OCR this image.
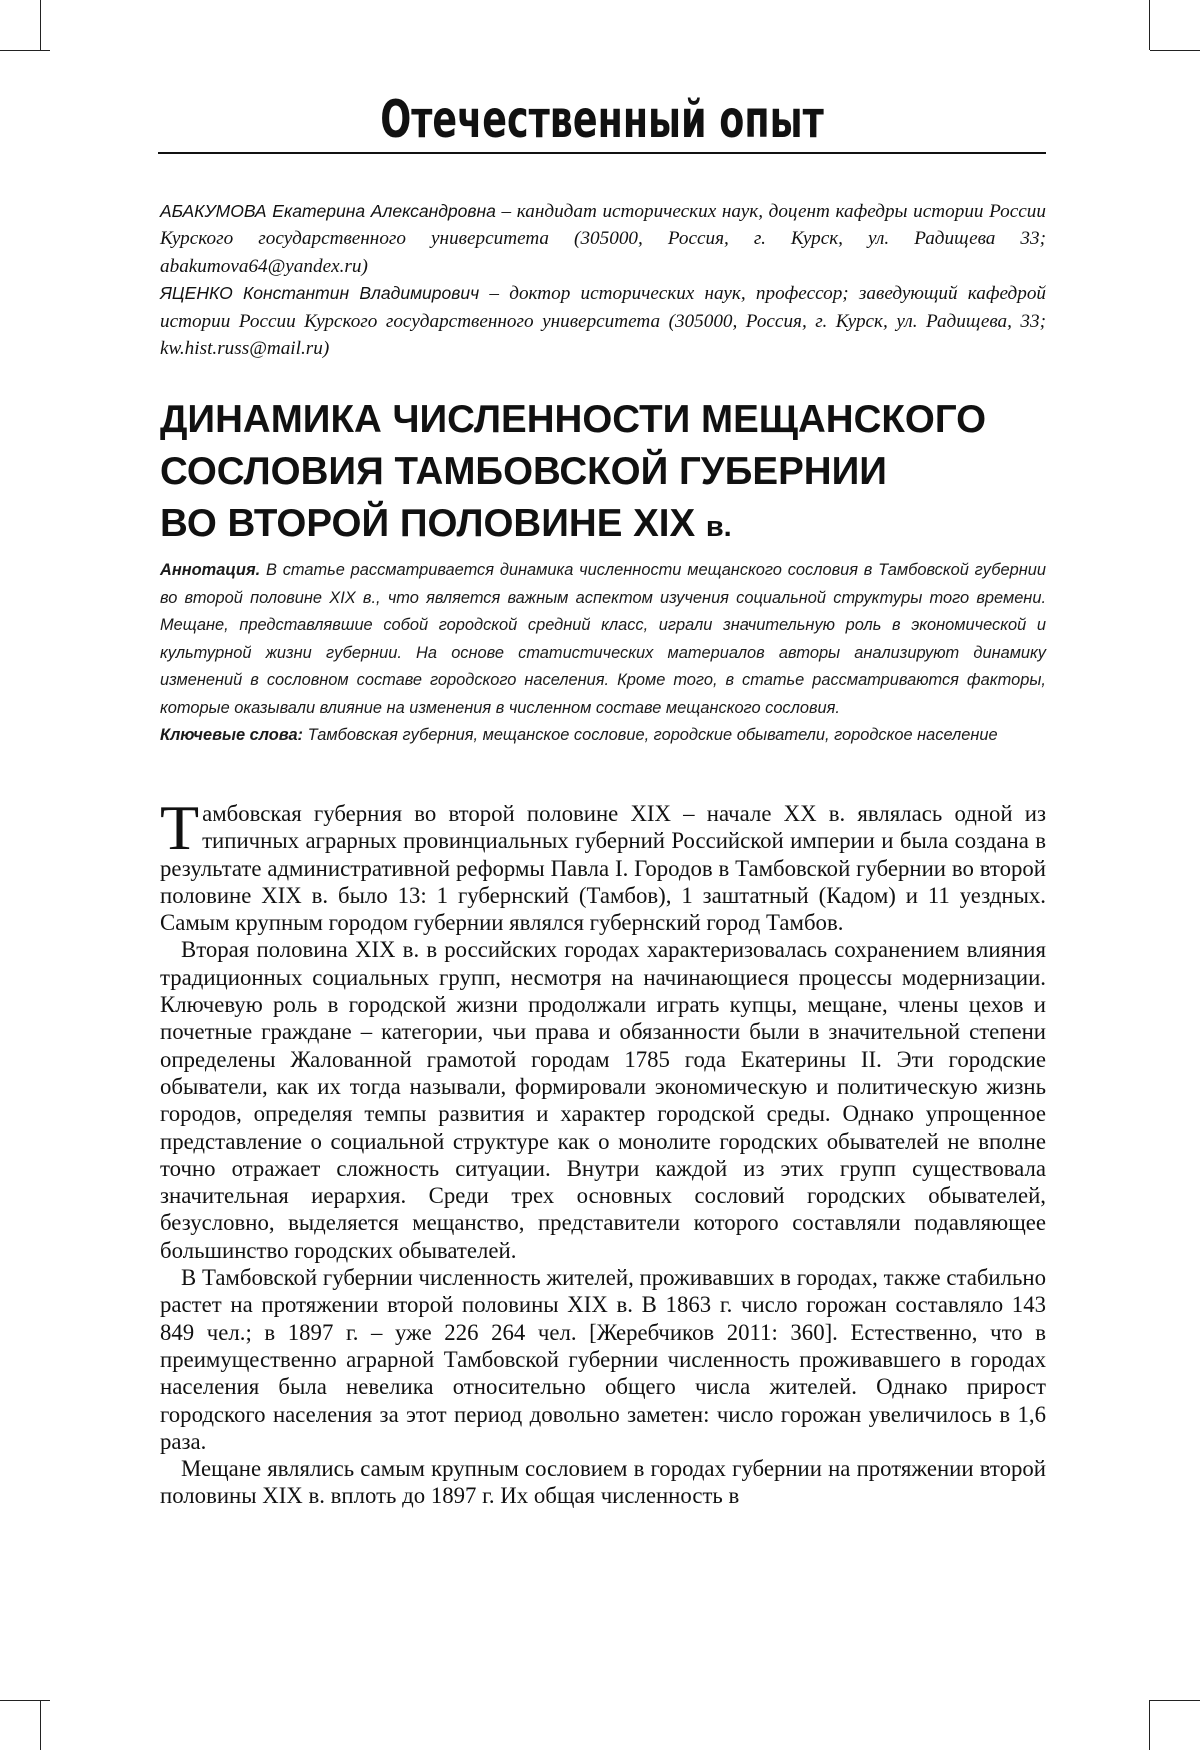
Отечественный опыт

АБАКУМОВА Екатерина Александровна – кандидат исторических наук, доцент кафедры истории России Курского государственного университета (305000, Россия, г. Курск, ул. Радищева 33; abakumova64@yandex.ru)

ЯЦЕНКО Константин Владимирович – доктор исторических наук, профессор; заведующий кафедрой истории России Курского государственного университета (305000, Россия, г. Курск, ул. Радищева, 33; kw.hist.russ@mail.ru)

ДИНАМИКА ЧИСЛЕННОСТИ МЕЩАНСКОГО
СОСЛОВИЯ ТАМБОВСКОЙ ГУБЕРНИИ
ВО ВТОРОЙ ПОЛОВИНЕ XIX в.

Аннотация. В статье рассматривается динамика численности мещанского сословия в Тамбовской губернии во второй половине XIX в., что является важным аспектом изучения социальной структуры того времени. Мещане, представлявшие собой городской средний класс, играли значительную роль в экономической и культурной жизни губернии. На основе статистических материалов авторы анализируют динамику изменений в сословном составе городского населения. Кроме того, в статье рассматриваются факторы, которые оказывали влияние на изменения в численном составе мещанского сословия.

Ключевые слова: Тамбовская губерния, мещанское сословие, городские обыватели, городское население

Т амбовская губерния во второй половине XIX – начале XX в. являлась одной из типичных аграрных провинциальных губерний Российской империи и была создана в результате административной реформы Павла I. Городов в Тамбовской губернии во второй половине XIX в. было 13: 1 губернский (Тамбов), 1 заштатный (Кадом) и 11 уездных. Самым крупным городом губернии являлся губернский город Тамбов.

Вторая половина XIX в. в российских городах характеризовалась сохранением влияния традиционных социальных групп, несмотря на начинающиеся процессы модернизации. Ключевую роль в городской жизни продолжали играть купцы, мещане, члены цехов и почетные граждане – категории, чьи права и обязанности были в значительной степени определены Жалованной грамотой городам 1785 года Екатерины II. Эти городские обыватели, как их тогда называли, формировали экономическую и политическую жизнь городов, определяя темпы развития и характер городской среды. Однако упрощенное представление о социальной структуре как о монолите городских обывателей не вполне точно отражает сложность ситуации. Внутри каждой из этих групп существовала значительная иерархия. Среди трех основных сословий городских обывателей, безусловно, выделяется мещанство, представители которого составляли подавляющее большинство городских обывателей.

В Тамбовской губернии численность жителей, проживавших в городах, также стабильно растет на протяжении второй половины XIX в. В 1863 г. число горожан составляло 143 849 чел.; в 1897 г. – уже 226 264 чел. [Жеребчиков 2011: 360]. Естественно, что в преимущественно аграрной Тамбовской губернии численность проживавшего в городах населения была невелика относительно общего числа жителей. Однако прирост городского населения за этот период довольно заметен: число горожан увеличилось в 1,6 раза.

Мещане являлись самым крупным сословием в городах губернии на протяжении второй половины XIX в. вплоть до 1897 г. Их общая численность в
